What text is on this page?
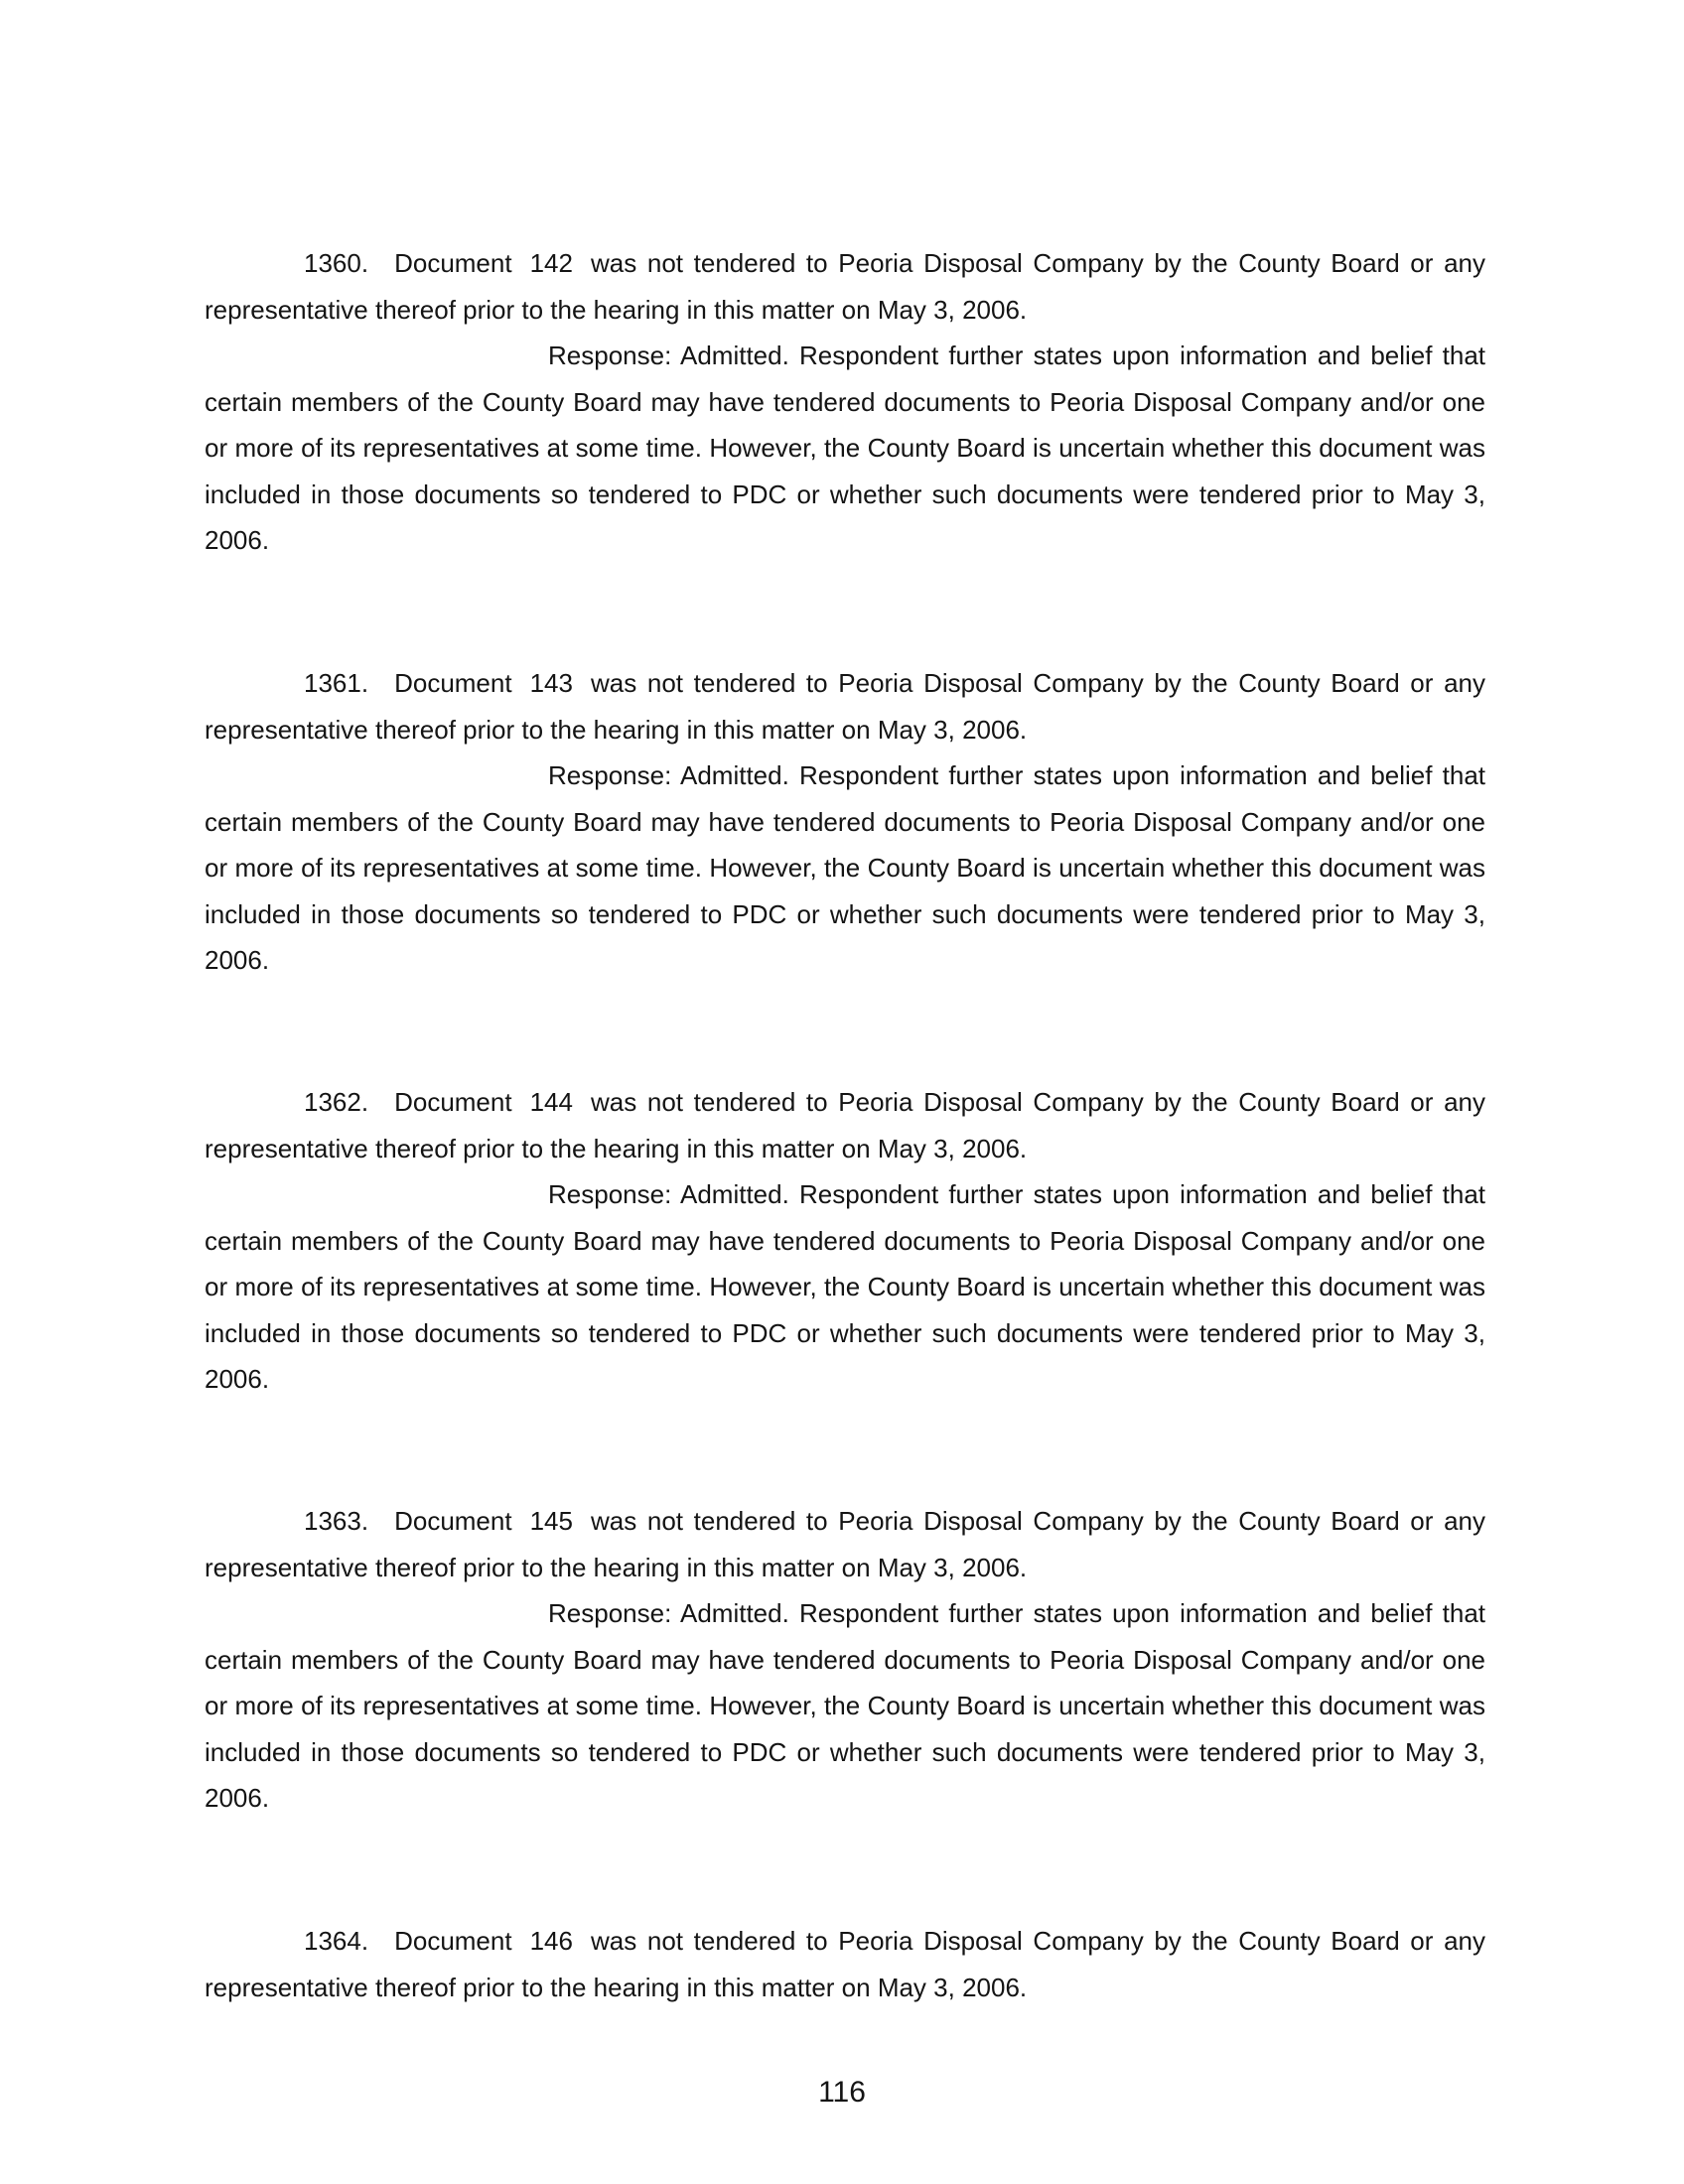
1360. Document 142 was not tendered to Peoria Disposal Company by the County Board or any representative thereof prior to the hearing in this matter on May 3, 2006.

Response: Admitted. Respondent further states upon information and belief that certain members of the County Board may have tendered documents to Peoria Disposal Company and/or one or more of its representatives at some time. However, the County Board is uncertain whether this document was included in those documents so tendered to PDC or whether such documents were tendered prior to May 3, 2006.

1361. Document 143 was not tendered to Peoria Disposal Company by the County Board or any representative thereof prior to the hearing in this matter on May 3, 2006.

Response: Admitted. Respondent further states upon information and belief that certain members of the County Board may have tendered documents to Peoria Disposal Company and/or one or more of its representatives at some time. However, the County Board is uncertain whether this document was included in those documents so tendered to PDC or whether such documents were tendered prior to May 3, 2006.

1362. Document 144 was not tendered to Peoria Disposal Company by the County Board or any representative thereof prior to the hearing in this matter on May 3, 2006.

Response: Admitted. Respondent further states upon information and belief that certain members of the County Board may have tendered documents to Peoria Disposal Company and/or one or more of its representatives at some time. However, the County Board is uncertain whether this document was included in those documents so tendered to PDC or whether such documents were tendered prior to May 3, 2006.

1363. Document 145 was not tendered to Peoria Disposal Company by the County Board or any representative thereof prior to the hearing in this matter on May 3, 2006.

Response: Admitted. Respondent further states upon information and belief that certain members of the County Board may have tendered documents to Peoria Disposal Company and/or one or more of its representatives at some time. However, the County Board is uncertain whether this document was included in those documents so tendered to PDC or whether such documents were tendered prior to May 3, 2006.

1364. Document 146 was not tendered to Peoria Disposal Company by the County Board or any representative thereof prior to the hearing in this matter on May 3, 2006.

116
